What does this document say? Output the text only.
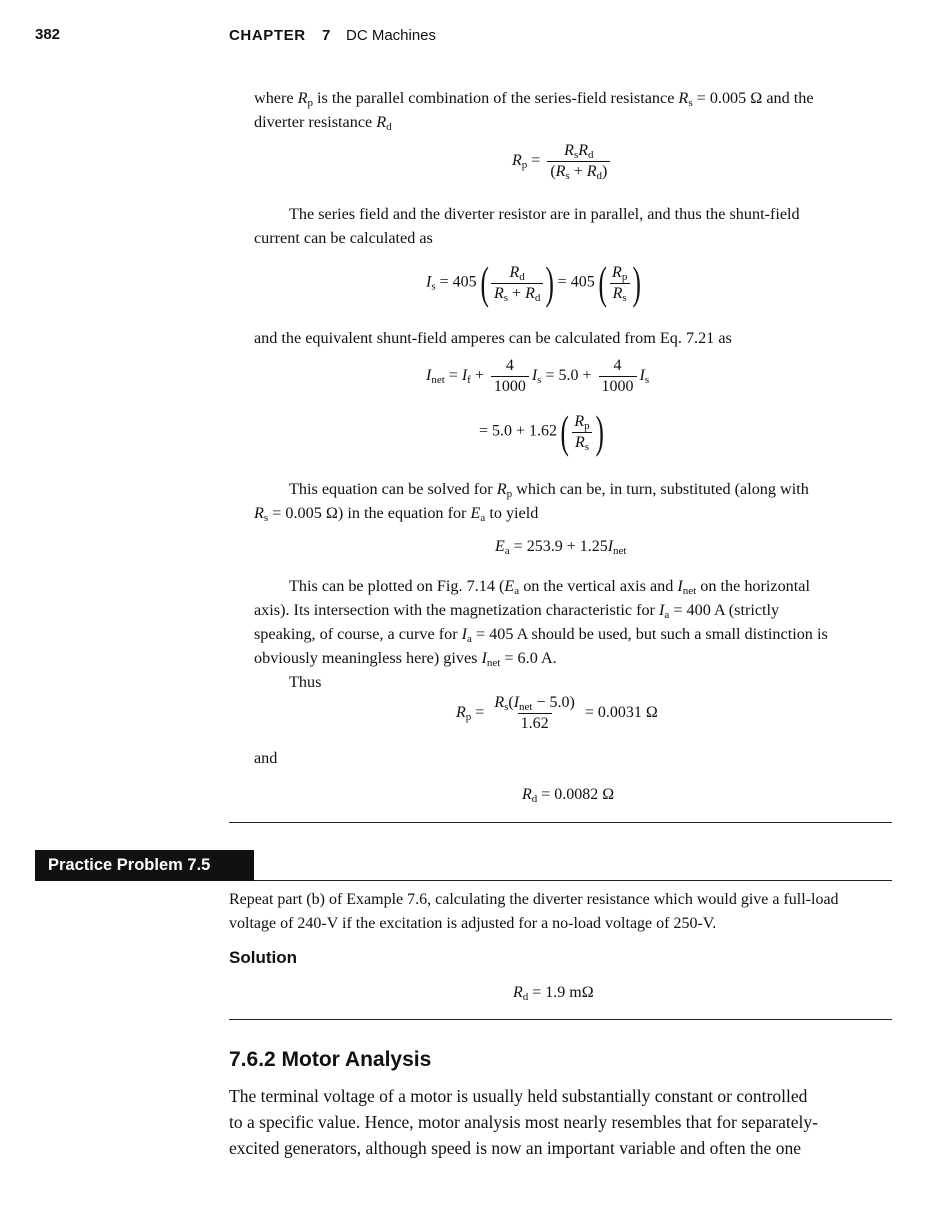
382	CHAPTER 7 DC Machines
where $R_p$ is the parallel combination of the series-field resistance $R_s = 0.005$ Ω and the
diverter resistance $R_d$
$R_p = \frac{R_sR_d}{(R_s + R_d)}$
The series field and the diverter resistor are in parallel, and thus the shunt-field
current can be calculated as
$I_s = 405$ ( $\frac{R_d}{R_s + R_d}$ ) = 405 ( $\frac{R_p}{R_s}$ )
and the equivalent shunt-field amperes can be calculated from Eq. 7.21 as
$I_{net} = I_f + \frac{4}{1000} I_s = 5.0 + \frac{4}{1000} I_s$
= 5.0 + 1.62 ( $\frac{R_p}{R_s}$ )
This equation can be solved for $R_p$ which can be, in turn, substituted (along with
$R_s = 0.005$ Ω) in the equation for $E_a$ to yield
$E_a = 253.9 + 1.25I_{net}$
This can be plotted on Fig. 7.14 ($E_a$ on the vertical axis and $I_{net}$ on the horizontal
axis). Its intersection with the magnetization characteristic for $I_a = 400$ A (strictly
speaking, of course, a curve for $I_a = 405$ A should be used, but such a small distinction is
obviously meaningless here) gives $I_{net} = 6.0$ A.
Thus
$R_p = \frac{R_s(I_{net} - 5.0)}{1.62} = 0.0031$ Ω
and
$R_d = 0.0082$ Ω
Practice Problem 7.5
Repeat part (b) of Example 7.6, calculating the diverter resistance which would give a full-load
voltage of 240-V if the excitation is adjusted for a no-load voltage of 250-V.
Solution
$R_d = 1.9$ mΩ
7.6.2 Motor Analysis
The terminal voltage of a motor is usually held substantially constant or controlled
to a specific value. Hence, motor analysis most nearly resembles that for separately-
excited generators, although speed is now an important variable and often the one
